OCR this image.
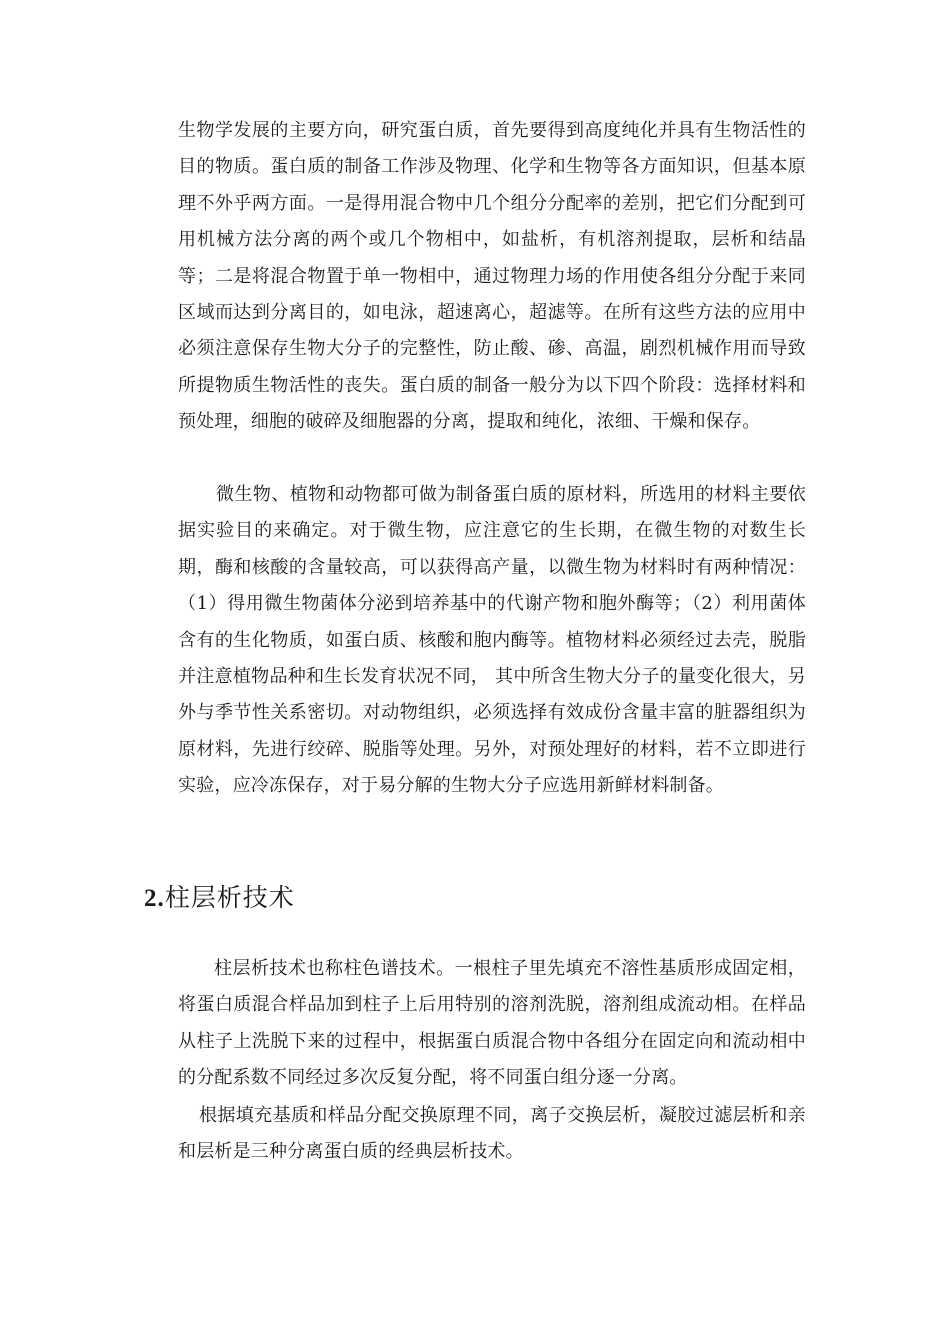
生物学发展的主要方向，研究蛋白质，首先要得到高度纯化并具有生物活性的目的物质。蛋白质的制备工作涉及物理、化学和生物等各方面知识，但基本原理不外乎两方面。一是得用混合物中几个组分分配率的差别，把它们分配到可用机械方法分离的两个或几个物相中，如盐析，有机溶剂提取，层析和结晶等；二是将混合物置于单一物相中，通过物理力场的作用使各组分分配于来同区域而达到分离目的，如电泳，超速离心，超滤等。在所有这些方法的应用中必须注意保存生物大分子的完整性，防止酸、碜、高温，剧烈机械作用而导致所提物质生物活性的丧失。蛋白质的制备一般分为以下四个阶段：选择材料和预处理，细胞的破碎及细胞器的分离，提取和纯化，浓细、干燥和保存。

微生物、植物和动物都可做为制备蛋白质的原材料，所选用的材料主要依据实验目的来确定。对于微生物，应注意它的生长期，在微生物的对数生长期，酶和核酸的含量较高，可以获得高产量，以微生物为材料时有两种情况：（1）得用微生物菌体分泌到培养基中的代谢产物和胞外酶等；（2）利用菌体含有的生化物质，如蛋白质、核酸和胞内酶等。植物材料必须经过去壳，脱脂并注意植物品种和生长发育状况不同， 其中所含生物大分子的量变化很大，另外与季节性关系密切。对动物组织，必须选择有效成份含量丰富的脏器组织为原材料，先进行绞碎、脱脂等处理。另外，对预处理好的材料，若不立即进行实验，应冷冻保存，对于易分解的生物大分子应选用新鲜材料制备。

2.柱层析技术

柱层析技术也称柱色谱技术。一根柱子里先填充不溶性基质形成固定相，将蛋白质混合样品加到柱子上后用特别的溶剂洗脱，溶剂组成流动相。在样品从柱子上洗脱下来的过程中，根据蛋白质混合物中各组分在固定向和流动相中的分配系数不同经过多次反复分配，将不同蛋白组分逐一分离。

根据填充基质和样品分配交换原理不同，离子交换层析，凝胶过滤层析和亲和层析是三种分离蛋白质的经典层析技术。
